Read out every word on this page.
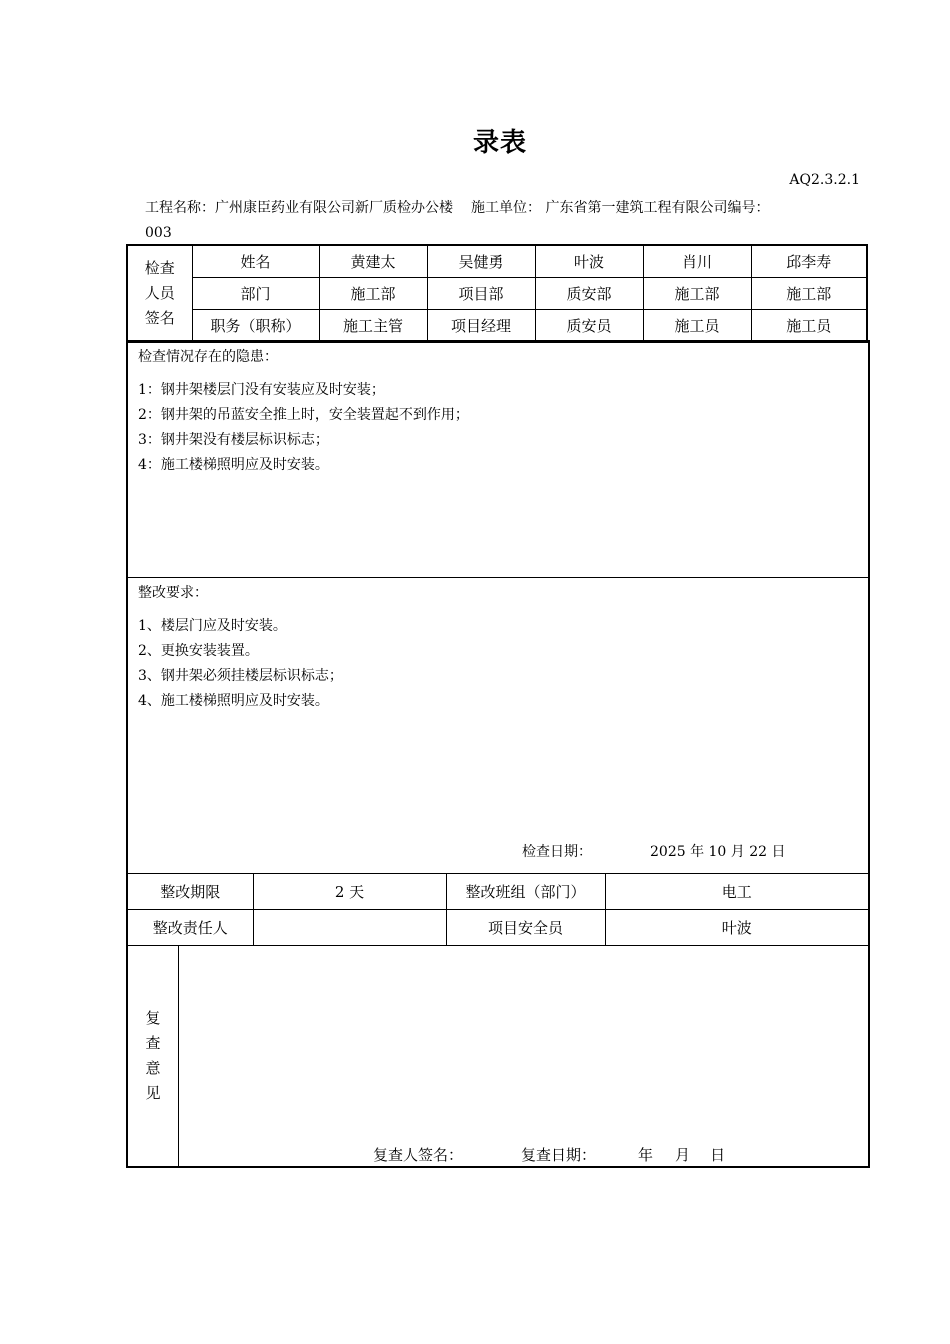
录表
AQ2.3.2.1
工程名称：广州康臣药业有限公司新厂质检办公楼 施工单位： 广东省第一建筑工程有限公司编号：
003
检查
人员
签名	姓名	黄建太	吴健勇	叶波	肖川	邱李寿
	部门	施工部	项目部	质安部	施工部	施工部
	职务（职称）	施工主管	项目经理	质安员	施工员	施工员
检查情况存在的隐患：
1：钢井架楼层门没有安装应及时安装；
2：钢井架的吊蓝安全推上时，安全装置起不到作用；
3：钢井架没有楼层标识标志；
4：施工楼梯照明应及时安装。
整改要求：
1、楼层门应及时安装。
2、更换安装装置。
3、钢井架必须挂楼层标识标志；
4、施工楼梯照明应及时安装。
检查日期：	2025 年 10 月 22 日
整改期限	2 天	整改班组（部门）	电工
整改责任人		项目安全员	叶波
复
查
意
见
复查人签名：	复查日期：	年 月 日
